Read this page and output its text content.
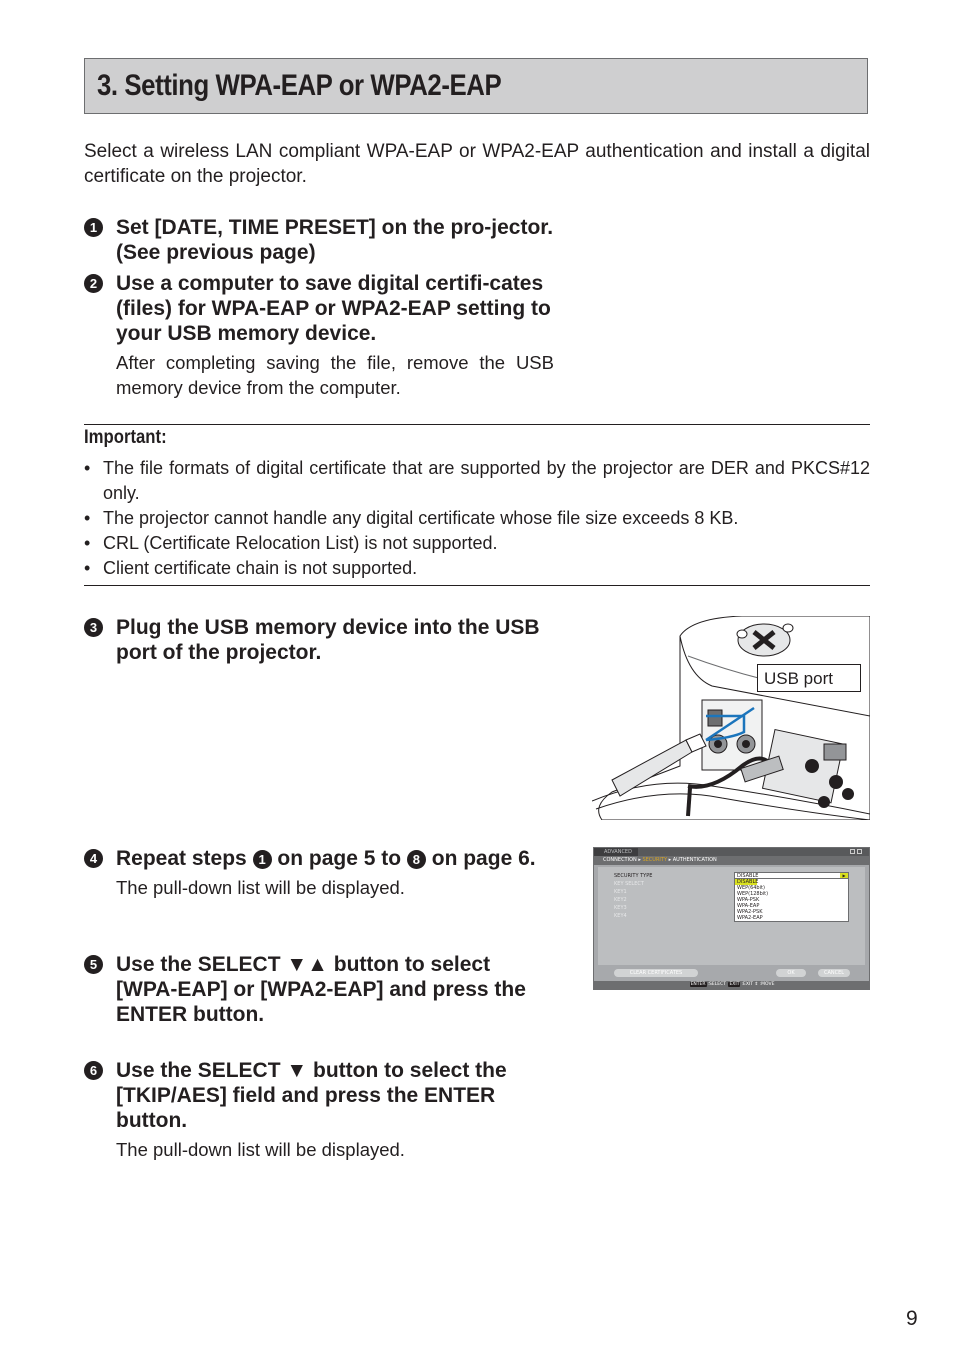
3. Setting WPA-EAP or WPA2-EAP

Select a wireless LAN compliant WPA-EAP or WPA2-EAP authentication and install a digital certificate on the projector.

1 Set [DATE, TIME PRESET] on the pro-jector. (See previous page)

2 Use a computer to save digital certifi-cates (files) for WPA-EAP or WPA2-EAP setting to your USB memory device.

After completing saving the file, remove the USB memory device from the computer.

Important:

• The file formats of digital certificate that are supported by the projector are DER and PKCS#12 only.
• The projector cannot handle any digital certificate whose file size exceeds 8 KB.
• CRL (Certificate Relocation List) is not supported.
• Client certificate chain is not supported.
3 Plug the USB memory device into the USB port of the projector.

USB port
4 Repeat steps 1 on page 5 to 8 on page 6.

The pull-down list will be displayed.

ADVANCED
CONNECTION ▸ SECURITY ▸ AUTHENTICATION
SECURITY TYPE
KEY SELECT
KEY1
KEY2
KEY3
KEY4
DISABLE	▶
DISABLE
WEP(64bit)
WEP(128bit)
WPA-PSK
WPA-EAP
WPA2-PSK
WPA2-EAP
CLEAR CERTIFICATES	OK	CANCEL
ENTER :SELECT EXIT :EXIT ⇕ :MOVE
5 Use the SELECT ▼▲ button to select [WPA-EAP] or [WPA2-EAP] and press the ENTER button.

6 Use the SELECT ▼ button to select the [TKIP/AES] field and press the ENTER button.

The pull-down list will be displayed.

9
